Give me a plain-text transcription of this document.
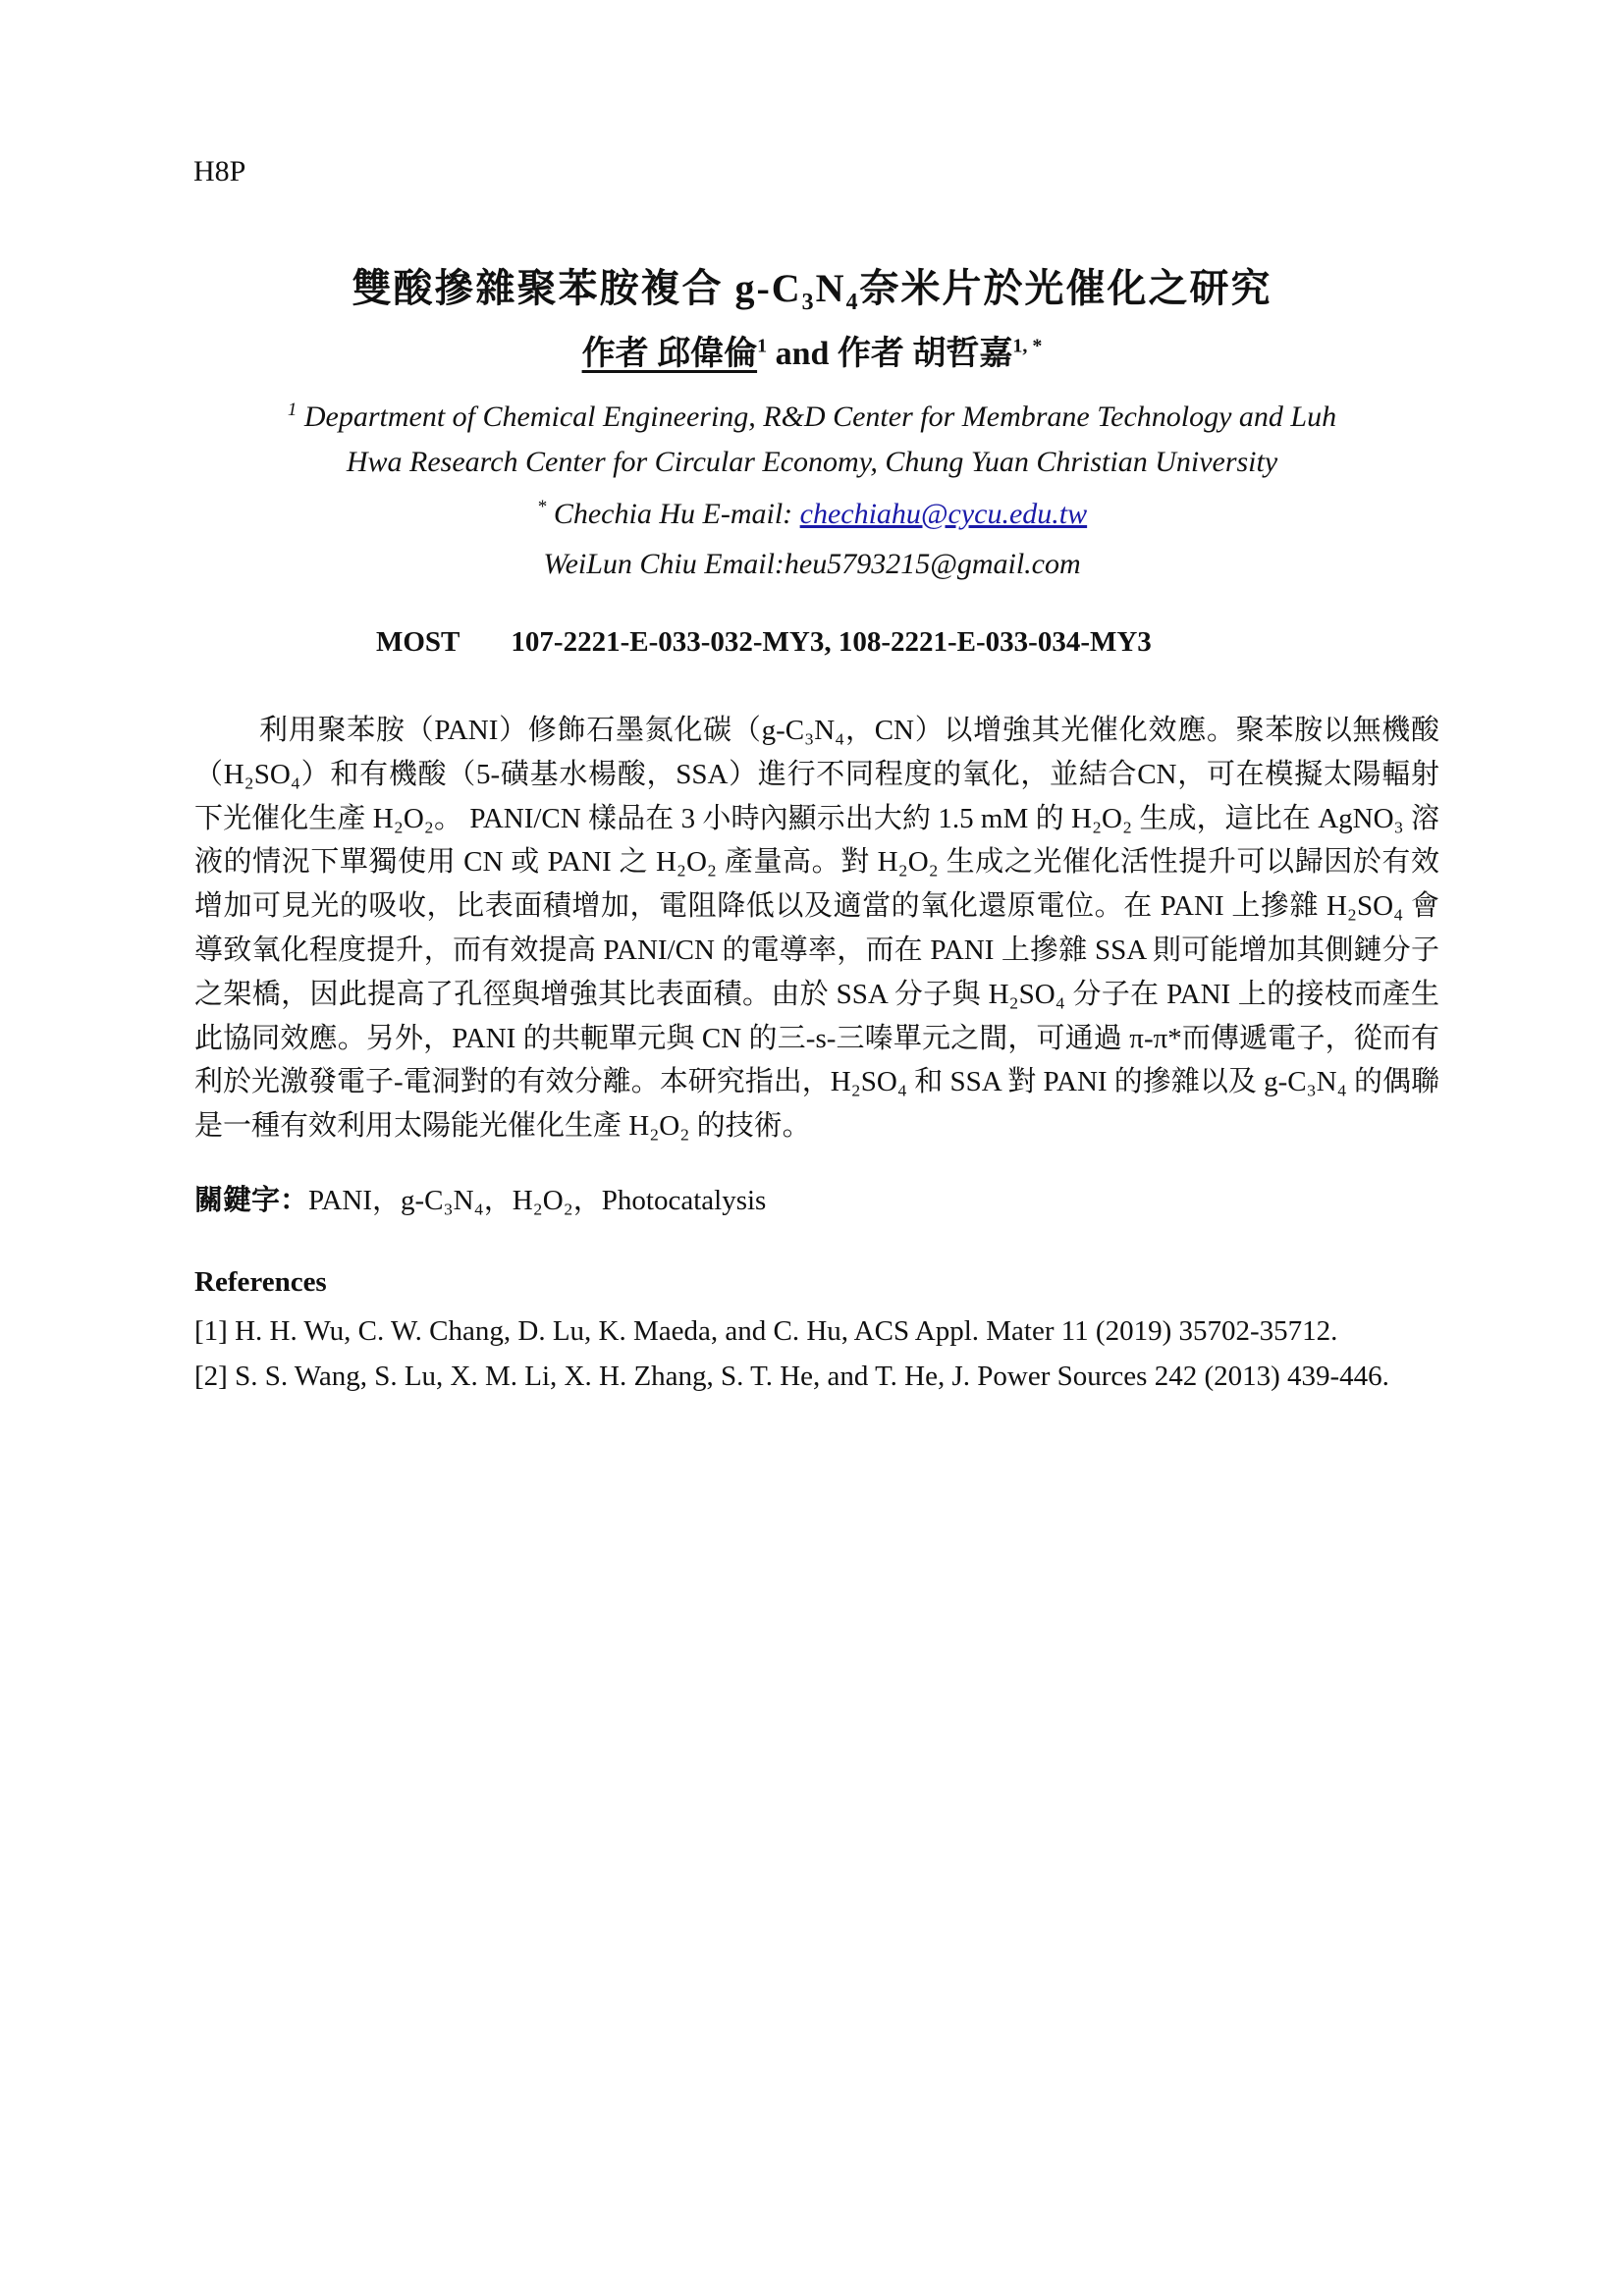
H8P
雙酸摻雜聚苯胺複合 g-C₃N₄奈米片於光催化之研究
作者 邱偉倫$^1$ and 作者 胡哲嘉$^{1, *}$
$^1$ Department of Chemical Engineering, R&D Center for Membrane Technology and Luh
Hwa Research Center for Circular Economy, Chung Yuan Christian University
* Chechia Hu E-mail: chechiahu@cycu.edu.tw
WeiLun Chiu Email:heu5793215@gmail.com
MOST 107-2221-E-033-032-MY3, 108-2221-E-033-034-MY3
利用聚苯胺（PANI）修飾石墨氮化碳（g-C₃N₄，CN）以增強其光催化效應。聚苯胺以無機酸（H₂SO₄）和有機酸（5-磺基水楊酸，SSA）進行不同程度的氧化，並結合CN，可在模擬太陽輻射下光催化生產 H₂O₂。 PANI/CN 樣品在 3 小時內顯示出大約 1.5 mM 的 H₂O₂ 生成，這比在 AgNO₃ 溶液的情況下單獨使用 CN 或 PANI 之 H₂O₂ 產量高。對 H₂O₂ 生成之光催化活性提升可以歸因於有效增加可見光的吸收，比表面積增加，電阻降低以及適當的氧化還原電位。在 PANI 上摻雜 H₂SO₄ 會導致氧化程度提升，而有效提高 PANI/CN 的電導率，而在 PANI 上摻雜 SSA 則可能增加其側鏈分子之架橋，因此提高了孔徑與增強其比表面積。由於 SSA 分子與 H₂SO₄ 分子在 PANI 上的接枝而產生此協同效應。另外，PANI 的共軛單元與 CN 的三-s-三嗪單元之間，可通過 π-π*而傳遞電子，從而有利於光激發電子-電洞對的有效分離。本研究指出，H₂SO₄ 和 SSA 對 PANI 的摻雜以及 g-C₃N₄ 的偶聯是一種有效利用太陽能光催化生產 H₂O₂ 的技術。
關鍵字：PANI，g-C₃N₄，H₂O₂，Photocatalysis
References

[1] H. H. Wu, C. W. Chang, D. Lu, K. Maeda, and C. Hu, ACS Appl. Mater 11 (2019) 35702-35712.

[2] S. S. Wang, S. Lu, X. M. Li, X. H. Zhang, S. T. He, and T. He, J. Power Sources 242 (2013) 439-446.
